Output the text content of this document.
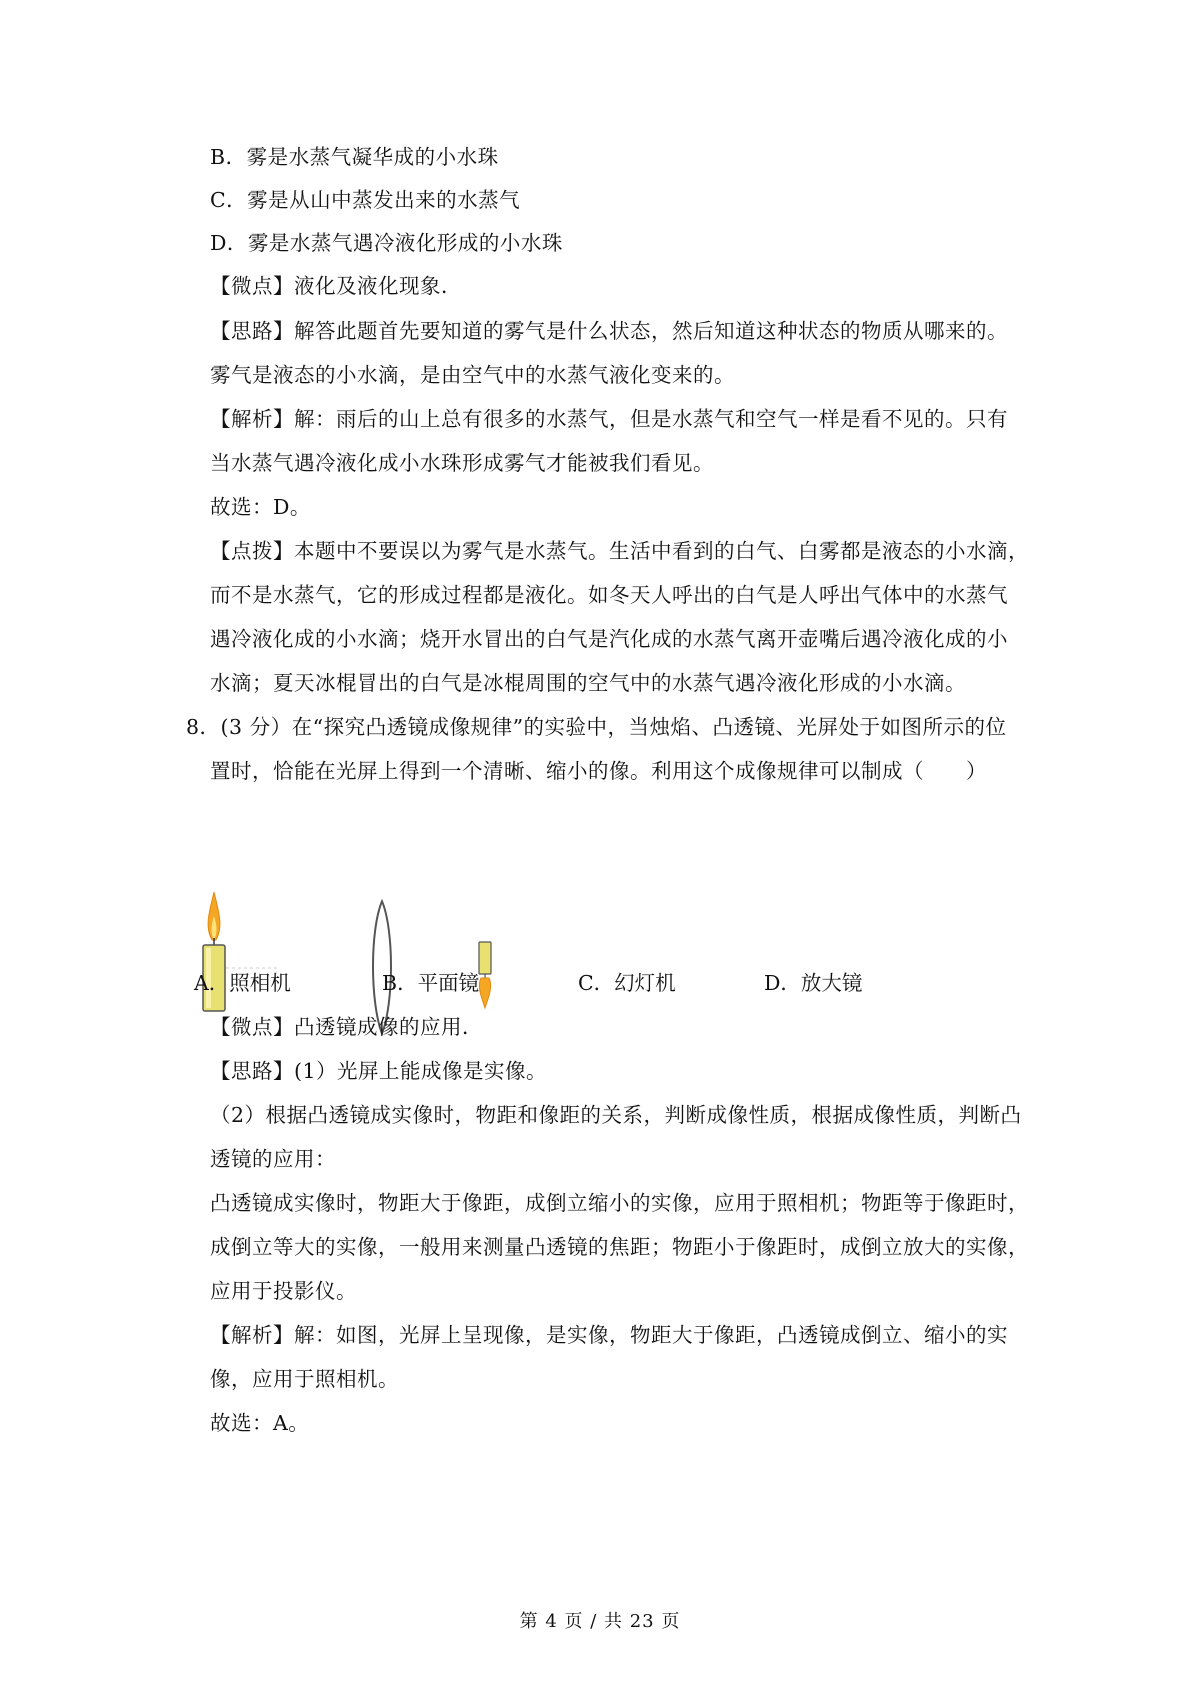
B．雾是水蒸气凝华成的小水珠
C．雾是从山中蒸发出来的水蒸气
D．雾是水蒸气遇冷液化形成的小水珠
【微点】液化及液化现象．
【思路】解答此题首先要知道的雾气是什么状态，然后知道这种状态的物质从哪来的。
雾气是液态的小水滴，是由空气中的水蒸气液化变来的。
【解析】解：雨后的山上总有很多的水蒸气，但是水蒸气和空气一样是看不见的。只有
当水蒸气遇冷液化成小水珠形成雾气才能被我们看见。
故选：D。
【点拨】本题中不要误以为雾气是水蒸气。生活中看到的白气、白雾都是液态的小水滴，
而不是水蒸气，它的形成过程都是液化。如冬天人呼出的白气是人呼出气体中的水蒸气
遇冷液化成的小水滴；烧开水冒出的白气是汽化成的水蒸气离开壶嘴后遇冷液化成的小
水滴；夏天冰棍冒出的白气是冰棍周围的空气中的水蒸气遇冷液化形成的小水滴。
8．(3 分）在“探究凸透镜成像规律”的实验中，当烛焰、凸透镜、光屏处于如图所示的位
置时，恰能在光屏上得到一个清晰、缩小的像。利用这个成像规律可以制成（　　）
A．照相机	B．平面镜	C．幻灯机	D．放大镜
【微点】凸透镜成像的应用．
【思路】(1）光屏上能成像是实像。
（2）根据凸透镜成实像时，物距和像距的关系，判断成像性质，根据成像性质，判断凸
透镜的应用：
凸透镜成实像时，物距大于像距，成倒立缩小的实像，应用于照相机；物距等于像距时，
成倒立等大的实像，一般用来测量凸透镜的焦距；物距小于像距时，成倒立放大的实像，
应用于投影仪。
【解析】解：如图，光屏上呈现像，是实像，物距大于像距，凸透镜成倒立、缩小的实
像，应用于照相机。
故选：A。
第 4 页 / 共 23 页
